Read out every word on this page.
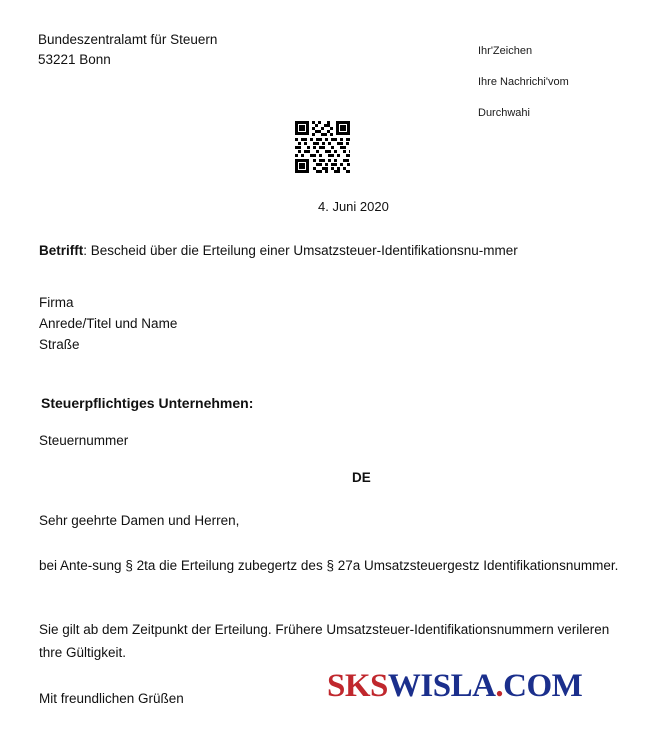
Bundeszentralamt für Steuern
53221 Bonn
Ihr'Zeichen
Ihre Nachrichi'vom
Durchwahi
4. Juni 2020
Betrifft: Bescheid über die Erteilung einer Umsatzsteuer-Identifikationsnu-mmer
Firma
Anrede/Titel und Name
Straße
Steuerpflichtiges Unternehmen:
Steuernummer
DE
Sehr geehrte Damen und Herren,
bei Ante-sung § 2ta die Erteilung zubegertz des § 27a Umsatzsteuergestz Identifikationsnummer.
Sie gilt ab dem Zeitpunkt der Erteilung. Frühere Umsatzsteuer-Identifikationsnummern verileren thre Gültigkeit.
Mit freundlichen Grüßen	SKSWISLA.COM
